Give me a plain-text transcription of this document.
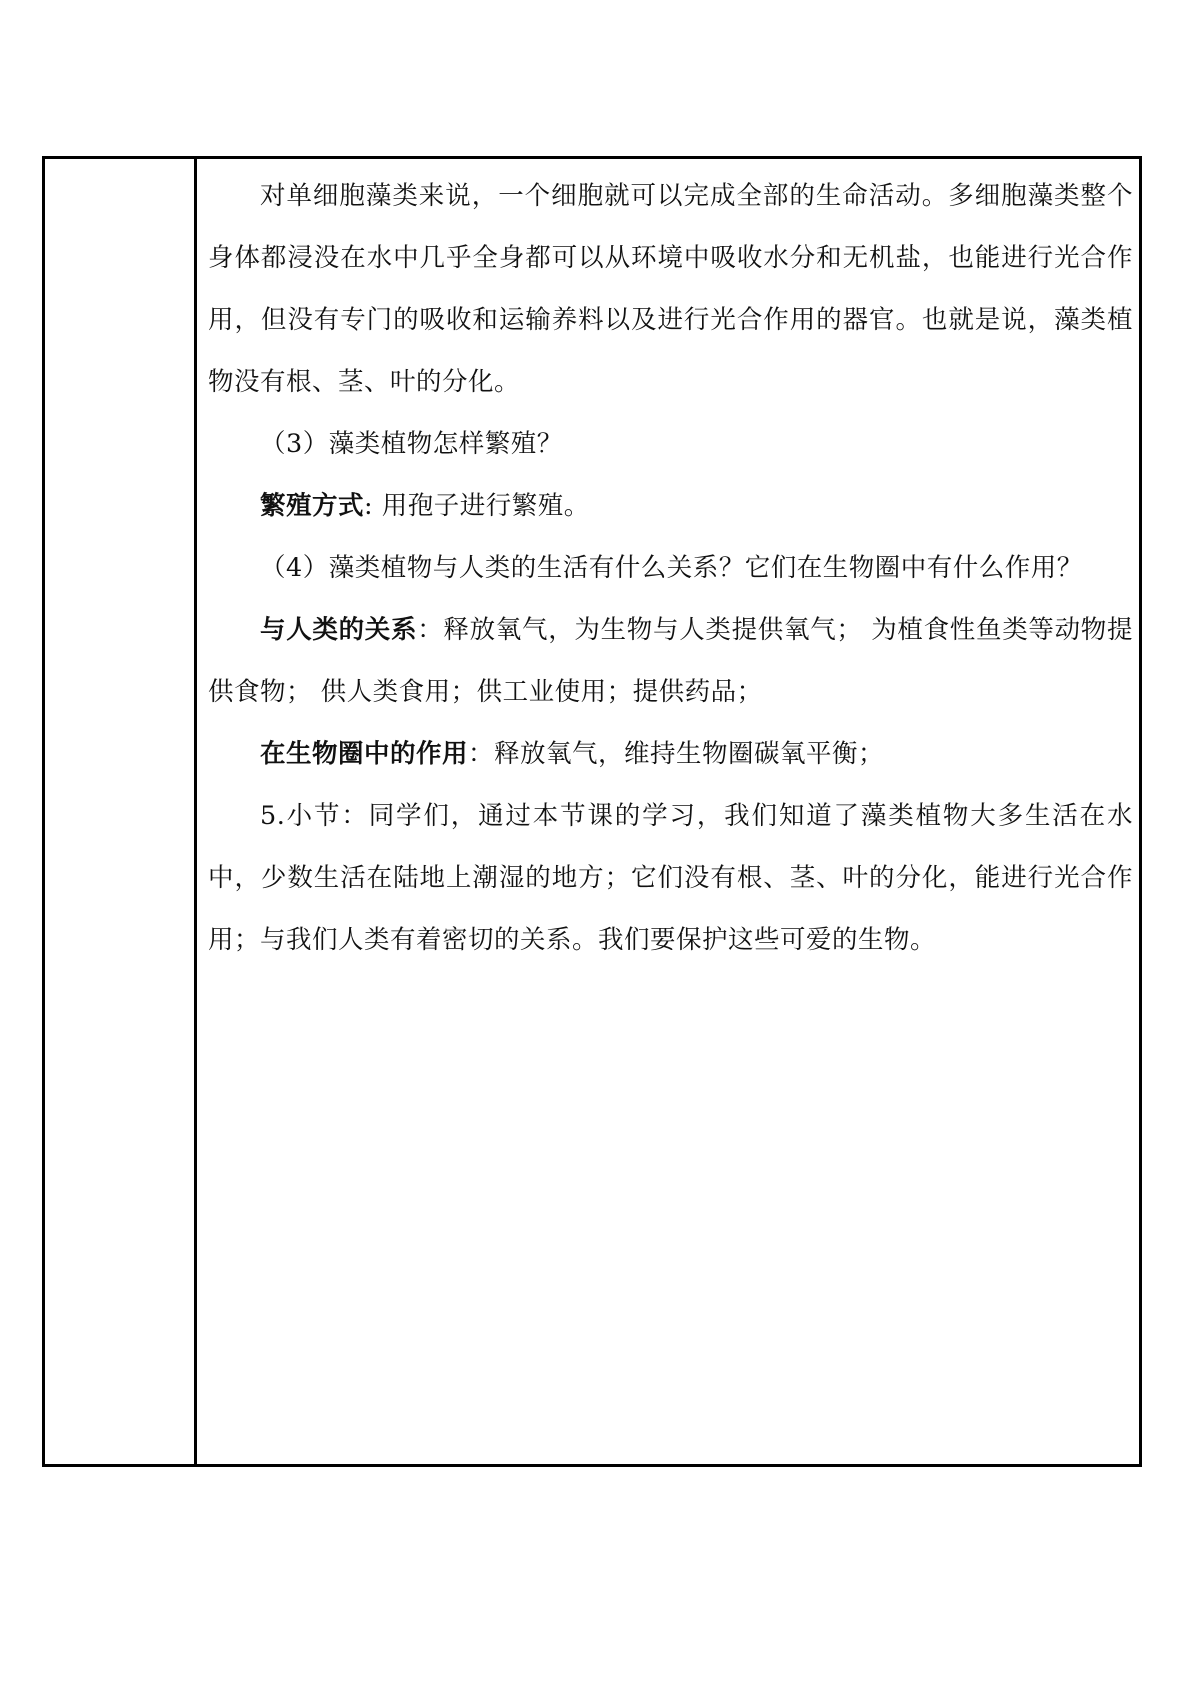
对单细胞藻类来说，一个细胞就可以完成全部的生命活动。多细胞藻类整个身体都浸没在水中几乎全身都可以从环境中吸收水分和无机盐，也能进行光合作用，但没有专门的吸收和运输养料以及进行光合作用的器官。也就是说，藻类植物没有根、茎、叶的分化。

（3）藻类植物怎样繁殖？

繁殖方式: 用孢子进行繁殖。

（4）藻类植物与人类的生活有什么关系？它们在生物圈中有什么作用？

与人类的关系：释放氧气，为生物与人类提供氧气； 为植食性鱼类等动物提供食物； 供人类食用；供工业使用；提供药品；

在生物圈中的作用：释放氧气，维持生物圈碳氧平衡；

5.小节：同学们，通过本节课的学习，我们知道了藻类植物大多生活在水中，少数生活在陆地上潮湿的地方；它们没有根、茎、叶的分化，能进行光合作用；与我们人类有着密切的关系。我们要保护这些可爱的生物。
